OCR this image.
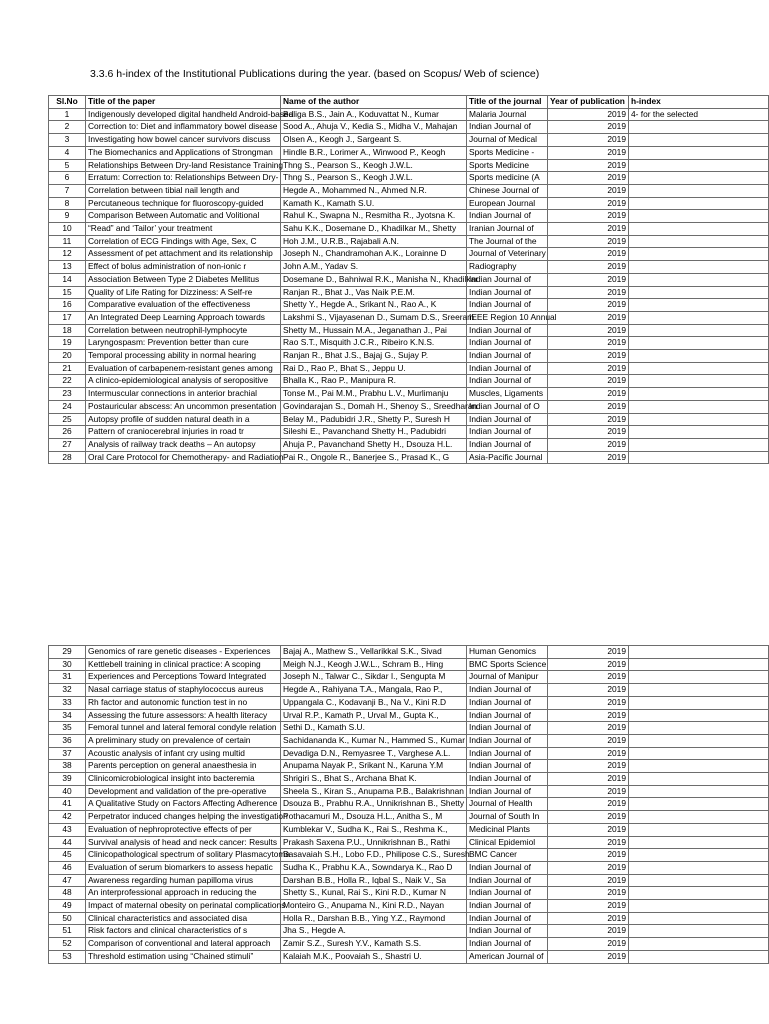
3.3.6 h-index of the Institutional Publications during the year. (based on Scopus/ Web of science)
Sl.No	Title of the paper	Name of the author	Title of the journal	Year of publication	h-index
1	Indigenously developed digital handheld Android-based	Baliga B.S., Jain A., Koduvattat N., Kumar	Malaria Journal	2019	4- for the selected
2	Correction to: Diet and inflammatory bowel disease	Sood A., Ahuja V., Kedia S., Midha V., Mahajan	Indian Journal of	2019	
3	Investigating how bowel cancer survivors discuss	Olsen A., Keogh J., Sargeant S.	Journal of Medical	2019	
4	The Biomechanics and Applications of Strongman	Hindle B.R., Lorimer A., Winwood P., Keogh	Sports Medicine -	2019	
5	Relationships Between Dry-land Resistance Training	Thng S., Pearson S., Keogh J.W.L.	Sports Medicine	2019	
6	Erratum: Correction to: Relationships Between Dry-	Thng S., Pearson S., Keogh J.W.L.	Sports medicine (A	2019	
7	Correlation between tibial nail length and	Hegde A., Mohammed N., Ahmed N.R.	Chinese Journal of	2019	
8	Percutaneous technique for fluoroscopy-guided	Kamath K., Kamath S.U.	European Journal	2019	
9	Comparison Between Automatic and Volitional	Rahul K., Swapna N., Resmitha R., Jyotsna K.	Indian Journal of	2019	
10	“Read” and ‘Tailor’ your treatment	Sahu K.K., Dosemane D., Khadilkar M., Shetty	Iranian Journal of	2019	
11	Correlation of ECG Findings with Age, Sex, C	Hoh J.M., U.R.B., Rajabali A.N.	The Journal of the	2019	
12	Assessment of pet attachment and its relationship	Joseph N., Chandramohan A.K., Lorainne D	Journal of Veterinary	2019	
13	Effect of bolus administration of non-ionic r	John A.M., Yadav S.	Radiography	2019	
14	Association Between Type 2 Diabetes Mellitus	Dosemane D., Bahniwal R.K., Manisha N., Khadilkar	Indian Journal of	2019	
15	Quality of Life Rating for Dizziness: A Self-re	Ranjan R., Bhat J., Vas Naik P.E.M.	Indian Journal of	2019	
16	Comparative evaluation of the effectiveness	Shetty Y., Hegde A., Srikant N., Rao A., K	Indian Journal of	2019	
17	An Integrated Deep Learning Approach towards	Lakshmi S., Vijayasenan D., Sumam D.S., Sreeram	IEEE Region 10 Annual	2019	
18	Correlation between neutrophil-lymphocyte	Shetty M., Hussain M.A., Jeganathan J., Pai	Indian Journal of	2019	
19	Laryngospasm: Prevention better than cure	Rao S.T., Misquith J.C.R., Ribeiro K.N.S.	Indian Journal of	2019	
20	Temporal processing ability in normal hearing	Ranjan R., Bhat J.S., Bajaj G., Sujay P.	Indian Journal of	2019	
21	Evaluation of carbapenem-resistant genes among	Rai D., Rao P., Bhat S., Jeppu U.	Indian Journal of	2019	
22	A clinico-epidemiological analysis of seropositive	Bhalla K., Rao P., Manipura R.	Indian Journal of	2019	
23	Intermuscular connections in anterior brachial	Tonse M., Pai M.M., Prabhu L.V., Murlimanju	Muscles, Ligaments	2019	
24	Postauricular abscess: An uncommon presentation	Govindarajan S., Domah H., Shenoy S., Sreedharan	Indian Journal of O	2019	
25	Autopsy profile of sudden natural death in a	Belay M., Padubidri J.R., Shetty P., Suresh H	Indian Journal of	2019	
26	Pattern of craniocerebral injuries in road tr	Sileshi E., Pavanchand Shetty H., Padubidri	Indian Journal of	2019	
27	Analysis of railway track deaths – An autopsy	Ahuja P., Pavanchand Shetty H., Dsouza H.L.	Indian Journal of	2019	
28	Oral Care Protocol for Chemotherapy- and Radiation	Pai R., Ongole R., Banerjee S., Prasad K., G	Asia-Pacific Journal	2019	
29	Genomics of rare genetic diseases - Experiences	Bajaj A., Mathew S., Vellarikkal S.K., Sivad	Human Genomics	2019	
30	Kettlebell training in clinical practice: A scoping	Meigh N.J., Keogh J.W.L., Schram B., Hing	BMC Sports Science	2019	
31	Experiences and Perceptions Toward Integrated	Joseph N., Talwar C., Sikdar I., Sengupta M	Journal of Manipur	2019	
32	Nasal carriage status of staphylococcus aureus	Hegde A., Rahiyana T.A., Mangala, Rao P.,	Indian Journal of	2019	
33	Rh factor and autonomic function test in no	Uppangala C., Kodavanji B., Na V., Kini R.D	Indian Journal of	2019	
34	Assessing the future assessors: A health literacy	Urval R.P., Kamath P., Urval M., Gupta K.,	Indian Journal of	2019	
35	Femoral tunnel and lateral femoral condyle relation	Sethi D., Kamath S.U.	Indian Journal of	2019	
36	A preliminary study on prevalence of certain	Sachidananda K., Kumar N., Hammed S., Kumar	Indian Journal of	2019	
37	Acoustic analysis of infant cry using multid	Devadiga D.N., Remyasree T., Varghese A.L.	Indian Journal of	2019	
38	Parents perception on general anaesthesia in	Anupama Nayak P., Srikant N., Karuna Y.M	Indian Journal of	2019	
39	Clinicomicrobiological insight into bacteremia	Shrigiri S., Bhat S., Archana Bhat K.	Indian Journal of	2019	
40	Development and validation of the pre-operative	Sheela S., Kiran S., Anupama P.B., Balakrishnan	Indian Journal of	2019	
41	A Qualitative Study on Factors Affecting Adherence	Dsouza B., Prabhu R.A., Unnikrishnan B., Shetty	Journal of Health	2019	
42	Perpetrator induced changes helping the investigation	Pothacamuri M., Dsouza H.L., Anitha S., M	Journal of South In	2019	
43	Evaluation of nephroprotective effects of per	Kumblekar V., Sudha K., Rai S., Reshma K.,	Medicinal Plants	2019	
44	Survival analysis of head and neck cancer: Results	Prakash Saxena P.U., Unnikrishnan B., Rathi	Clinical Epidemiol	2019	
45	Clinicopathological spectrum of solitary Plasmacytoma	Basavaiah S.H., Lobo F.D., Philipose C.S., Suresh	BMC Cancer	2019	
46	Evaluation of serum biomarkers to assess hepatic	Sudha K., Prabhu K.A., Sowndarya K., Rao D	Indian Journal of	2019	
47	Awareness regarding human papilloma virus	Darshan B.B., Holla R., Iqbal S., Naik V., Sa	Indian Journal of	2019	
48	An interprofessional approach in reducing the	Shetty S., Kunal, Rai S., Kini R.D., Kumar N	Indian Journal of	2019	
49	Impact of maternal obesity on perinatal complications	Monteiro G., Anupama N., Kini R.D., Nayan	Indian Journal of	2019	
50	Clinical characteristics and associated disa	Holla R., Darshan B.B., Ying Y.Z., Raymond	Indian Journal of	2019	
51	Risk factors and clinical characteristics of s	Jha S., Hegde A.	Indian Journal of	2019	
52	Comparison of conventional and lateral approach	Zamir S.Z., Suresh Y.V., Kamath S.S.	Indian Journal of	2019	
53	Threshold estimation using “Chained stimuli”	Kalaiah M.K., Poovaiah S., Shastri U.	American Journal of	2019	
